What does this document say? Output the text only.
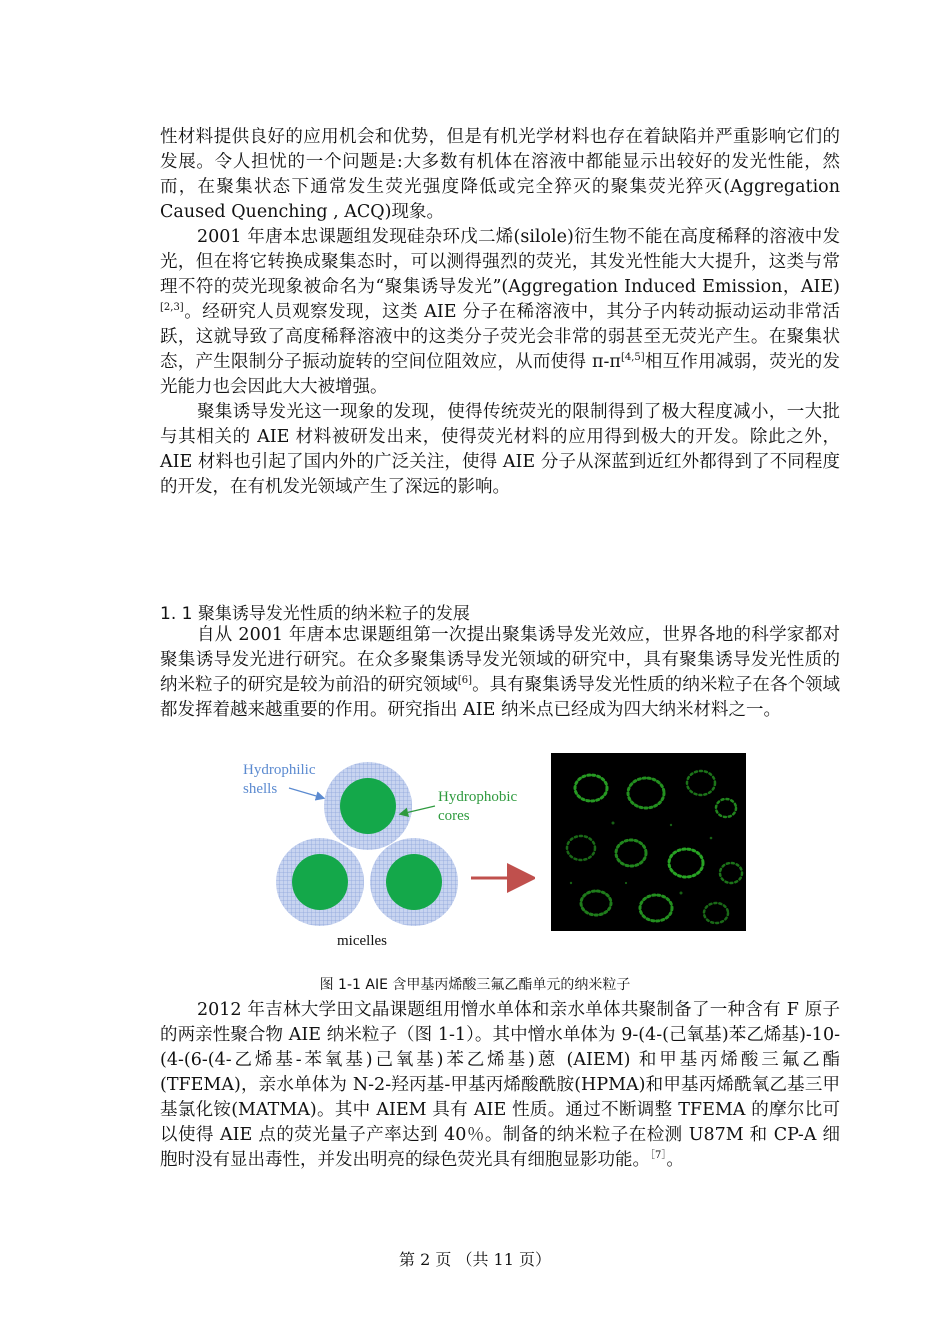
性材料提供良好的应用机会和优势，但是有机光学材料也存在着缺陷并严重影响它们的发展。令人担忧的一个问题是:大多数有机体在溶液中都能显示出较好的发光性能，然而，在聚集状态下通常发生荧光强度降低或完全猝灭的聚集荧光猝灭(Aggregation Caused Quenching , ACQ)现象。

2001 年唐本忠课题组发现硅杂环戊二烯(silole)衍生物不能在高度稀释的溶液中发光，但在将它转换成聚集态时，可以测得强烈的荧光，其发光性能大大提升，这类与常理不符的荧光现象被命名为“聚集诱导发光”(Aggregation Induced Emission，AIE)[2,3]。经研究人员观察发现，这类 AIE 分子在稀溶液中，其分子内转动振动运动非常活跃，这就导致了高度稀释溶液中的这类分子荧光会非常的弱甚至无荧光产生。在聚集状态，产生限制分子振动旋转的空间位阻效应，从而使得 π-π[4,5]相互作用减弱，荧光的发光能力也会因此大大被增强。

聚集诱导发光这一现象的发现，使得传统荧光的限制得到了极大程度减小，一大批与其相关的 AIE 材料被研发出来，使得荧光材料的应用得到极大的开发。除此之外，AIE 材料也引起了国内外的广泛关注，使得 AIE 分子从深蓝到近红外都得到了不同程度的开发，在有机发光领域产生了深远的影响。

1. 1 聚集诱导发光性质的纳米粒子的发展

自从 2001 年唐本忠课题组第一次提出聚集诱导发光效应，世界各地的科学家都对聚集诱导发光进行研究。在众多聚集诱导发光领域的研究中，具有聚集诱导发光性质的纳米粒子的研究是较为前沿的研究领域[6]。具有聚集诱导发光性质的纳米粒子在各个领域都发挥着越来越重要的作用。研究指出 AIE 纳米点已经成为四大纳米材料之一。

Hydrophilic
shells	Hydrophobic
cores
micelles
图 1-1 AIE 含甲基丙烯酸三氟乙酯单元的纳米粒子

2012 年吉林大学田文晶课题组用憎水单体和亲水单体共聚制备了一种含有 F 原子的两亲性聚合物 AIE 纳米粒子（图 1-1）。其中憎水单体为 9-(4-(己氧基)苯乙烯基)-10-(4-(6-(4-乙烯基-苯氧基)己氧基)苯乙烯基)蒽 (AIEM) 和甲基丙烯酸三氟乙酯(TFEMA)，亲水单体为 N-2-羟丙基-甲基丙烯酸酰胺(HPMA)和甲基丙烯酰氧乙基三甲基氯化铵(MATMA)。其中 AIEM 具有 AIE 性质。通过不断调整 TFEMA 的摩尔比可以使得 AIE 点的荧光量子产率达到 40％。制备的纳米粒子在检测 U87M 和 CP-A 细胞时没有显出毒性，并发出明亮的绿色荧光具有细胞显影功能。$^{[7]}$。

第 2 页 （共 11 页）
